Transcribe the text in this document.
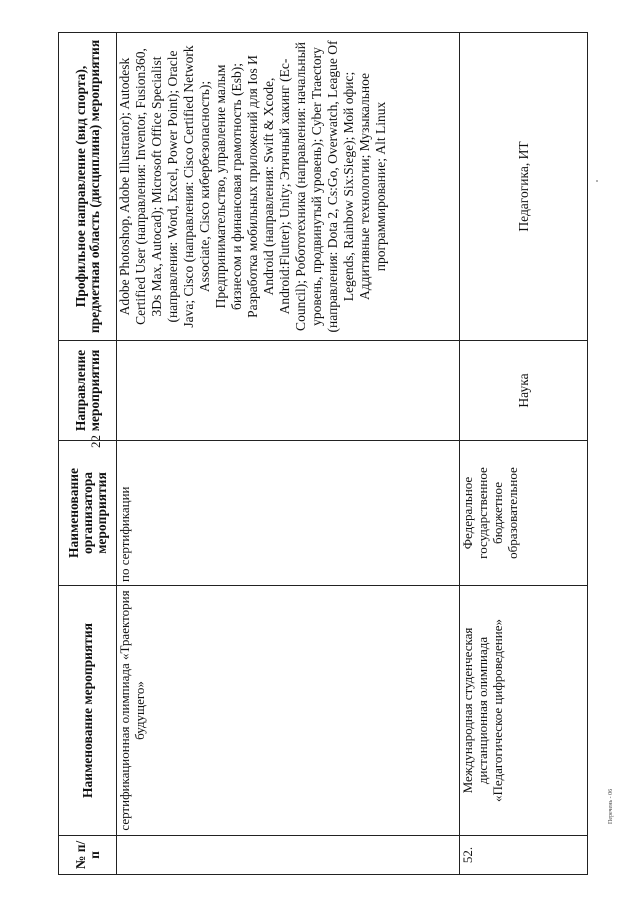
22
Перечень - 06
№ п/п	Наименование мероприятия	Наименование организатора мероприятия	Направление мероприятия	Профильное направление (вид спорта), предметная область (дисциплина) мероприятия
	сертификационная олимпиада «Траектория будущего»	по сертификации		Adobe Photoshop, Adobe Illustrator); Autodesk Certified User (направления: Inventor, Fusion360, 3Ds Max, Autocad); Microsoft Office Specialist (направления: Word, Excel, Power Point); Oracle Java; Cisco (направления: Cisco Certified Network Associate, Cisco кибербезопасность); Предпринимательство, управление малым бизнесом и финансовая грамотность (Esb); Разработка мобильных приложений для Ios И Android (направления: Swift & Xcode, Android:Flutter); Unity; Этичный хакинг (Ec-Council); Робототехника (направления: начальный уровень, продвинутый уровень); Cyber Traectory (направления: Dota 2, Cs:Go, Overwatch, League Of Legends, Rainbow Six:Siege); Мой офис; Аддитивные технологии; Музыкальное программирование; Alt Linux
52.	Международная студенческая дистанционная олимпиада «Педагогическое цифроведение»	Федеральное государственное бюджетное образовательное	Наука	Педагогика, ИТ
